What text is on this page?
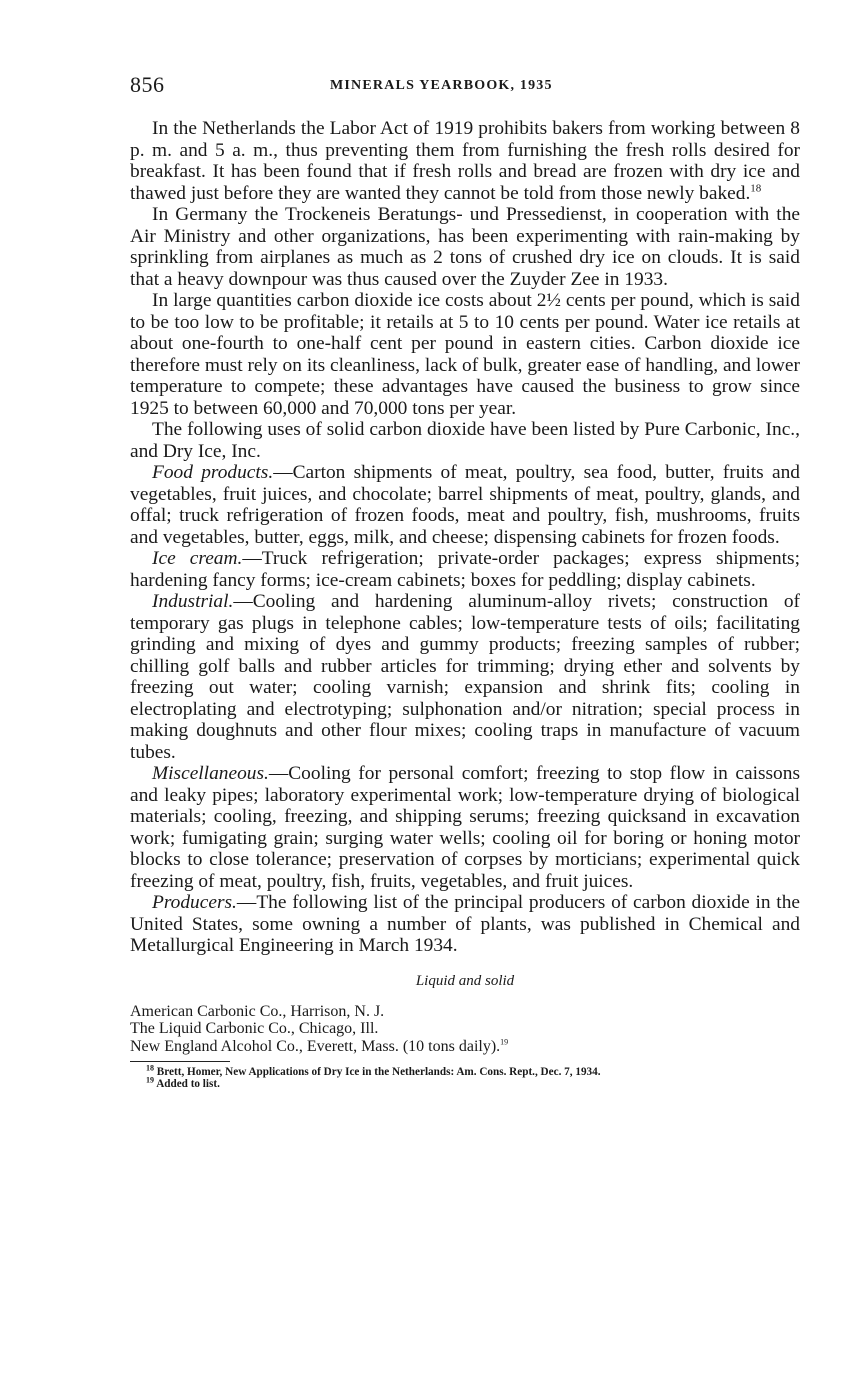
856	MINERALS YEARBOOK, 1935

In the Netherlands the Labor Act of 1919 prohibits bakers from working between 8 p. m. and 5 a. m., thus preventing them from furnishing the fresh rolls desired for breakfast. It has been found that if fresh rolls and bread are frozen with dry ice and thawed just before they are wanted they cannot be told from those newly baked.$^{18}$

In Germany the Trockeneis Beratungs- und Pressedienst, in cooperation with the Air Ministry and other organizations, has been experimenting with rain-making by sprinkling from airplanes as much as 2 tons of crushed dry ice on clouds. It is said that a heavy downpour was thus caused over the Zuyder Zee in 1933.

In large quantities carbon dioxide ice costs about 2½ cents per pound, which is said to be too low to be profitable; it retails at 5 to 10 cents per pound. Water ice retails at about one-fourth to one-half cent per pound in eastern cities. Carbon dioxide ice therefore must rely on its cleanliness, lack of bulk, greater ease of handling, and lower temperature to compete; these advantages have caused the business to grow since 1925 to between 60,000 and 70,000 tons per year.

The following uses of solid carbon dioxide have been listed by Pure Carbonic, Inc., and Dry Ice, Inc.

Food products.—Carton shipments of meat, poultry, sea food, butter, fruits and vegetables, fruit juices, and chocolate; barrel shipments of meat, poultry, glands, and offal; truck refrigeration of frozen foods, meat and poultry, fish, mushrooms, fruits and vegetables, butter, eggs, milk, and cheese; dispensing cabinets for frozen foods.

Ice cream.—Truck refrigeration; private-order packages; express shipments; hardening fancy forms; ice-cream cabinets; boxes for peddling; display cabinets.

Industrial.—Cooling and hardening aluminum-alloy rivets; construction of temporary gas plugs in telephone cables; low-temperature tests of oils; facilitating grinding and mixing of dyes and gummy products; freezing samples of rubber; chilling golf balls and rubber articles for trimming; drying ether and solvents by freezing out water; cooling varnish; expansion and shrink fits; cooling in electroplating and electrotyping; sulphonation and/or nitration; special process in making doughnuts and other flour mixes; cooling traps in manufacture of vacuum tubes.

Miscellaneous.—Cooling for personal comfort; freezing to stop flow in caissons and leaky pipes; laboratory experimental work; low-temperature drying of biological materials; cooling, freezing, and shipping serums; freezing quicksand in excavation work; fumigating grain; surging water wells; cooling oil for boring or honing motor blocks to close tolerance; preservation of corpses by morticians; experimental quick freezing of meat, poultry, fish, fruits, vegetables, and fruit juices.

Producers.—The following list of the principal producers of carbon dioxide in the United States, some owning a number of plants, was published in Chemical and Metallurgical Engineering in March 1934.

Liquid and solid
American Carbonic Co., Harrison, N. J.
The Liquid Carbonic Co., Chicago, Ill.
New England Alcohol Co., Everett, Mass. (10 tons daily).$^{19}$
$^{18}$ Brett, Homer, New Applications of Dry Ice in the Netherlands: Am. Cons. Rept., Dec. 7, 1934.
$^{19}$ Added to list.
